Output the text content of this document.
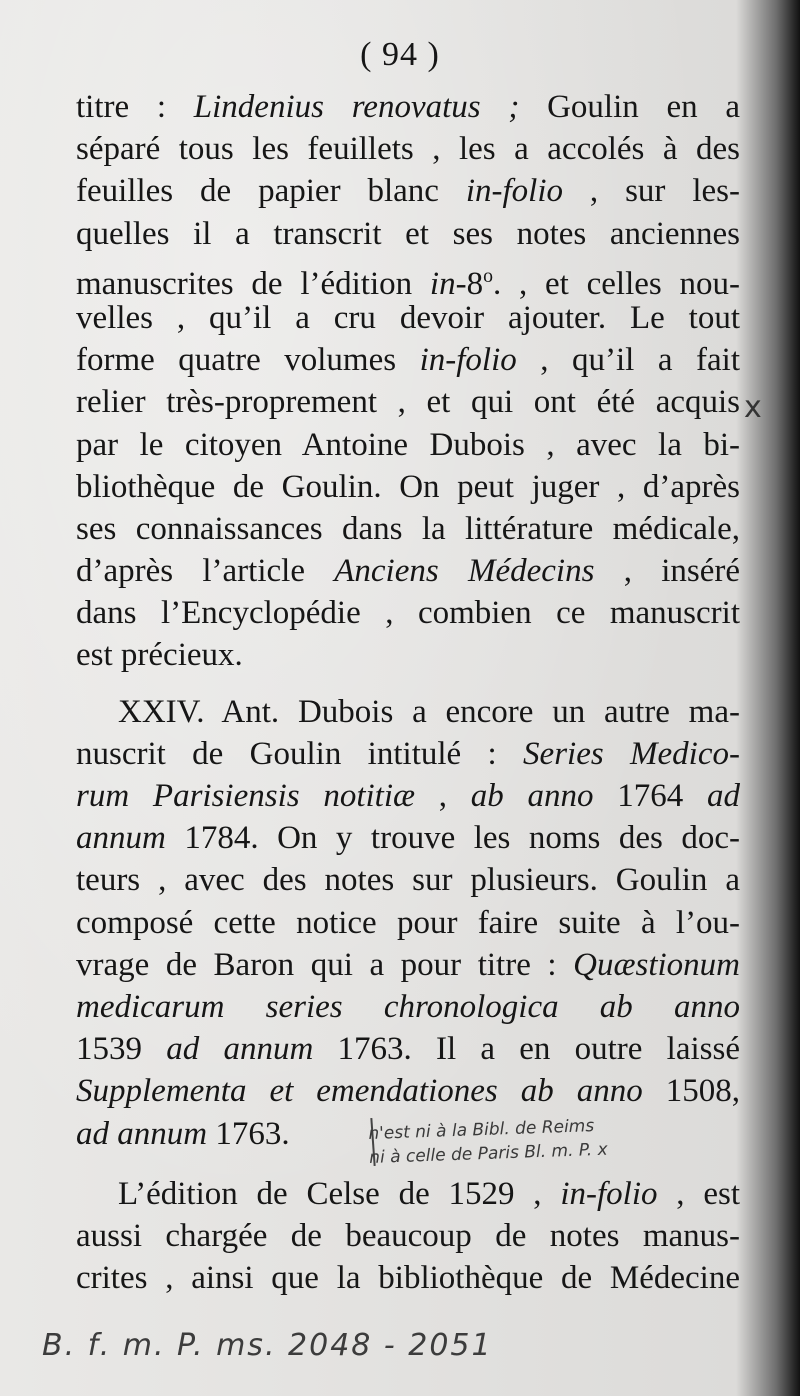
( 94 )
titre : Lindenius renovatus ; Goulin en a
séparé tous les feuillets , les a accolés à des
feuilles de papier blanc in-folio , sur les-
quelles il a transcrit et ses notes anciennes
manuscrites de l’édition in-8$^o$. , et celles nou-
velles , qu’il a cru devoir ajouter. Le tout
forme quatre volumes in-folio , qu’il a fait
relier très-proprement , et qui ont été acquis
par le citoyen Antoine Dubois , avec la bi-
bliothèque de Goulin. On peut juger , d’après
ses connaissances dans la littérature médicale,
d’après l’article Anciens Médecins , inséré
dans l’Encyclopédie , combien ce manuscrit
est précieux.
XXIV. Ant. Dubois a encore un autre ma-
nuscrit de Goulin intitulé : Series Medico-
rum Parisiensis notitiæ , ab anno 1764 ad
annum 1784. On y trouve les noms des doc-
teurs , avec des notes sur plusieurs. Goulin a
composé cette notice pour faire suite à l’ou-
vrage de Baron qui a pour titre : Quæstionum
medicarum series chronologica ab anno
1539 ad annum 1763. Il a en outre laissé
Supplementa et emendationes ab anno 1508,
ad annum 1763.
L’édition de Celse de 1529 , in-folio , est
aussi chargée de beaucoup de notes manus-
crites , ainsi que la bibliothèque de Médecine
x
n'est ni à la Bibl. de Reims
ni à celle de Paris Bl. m. P. x
B. f. m. P. ms. 2048 - 2051
